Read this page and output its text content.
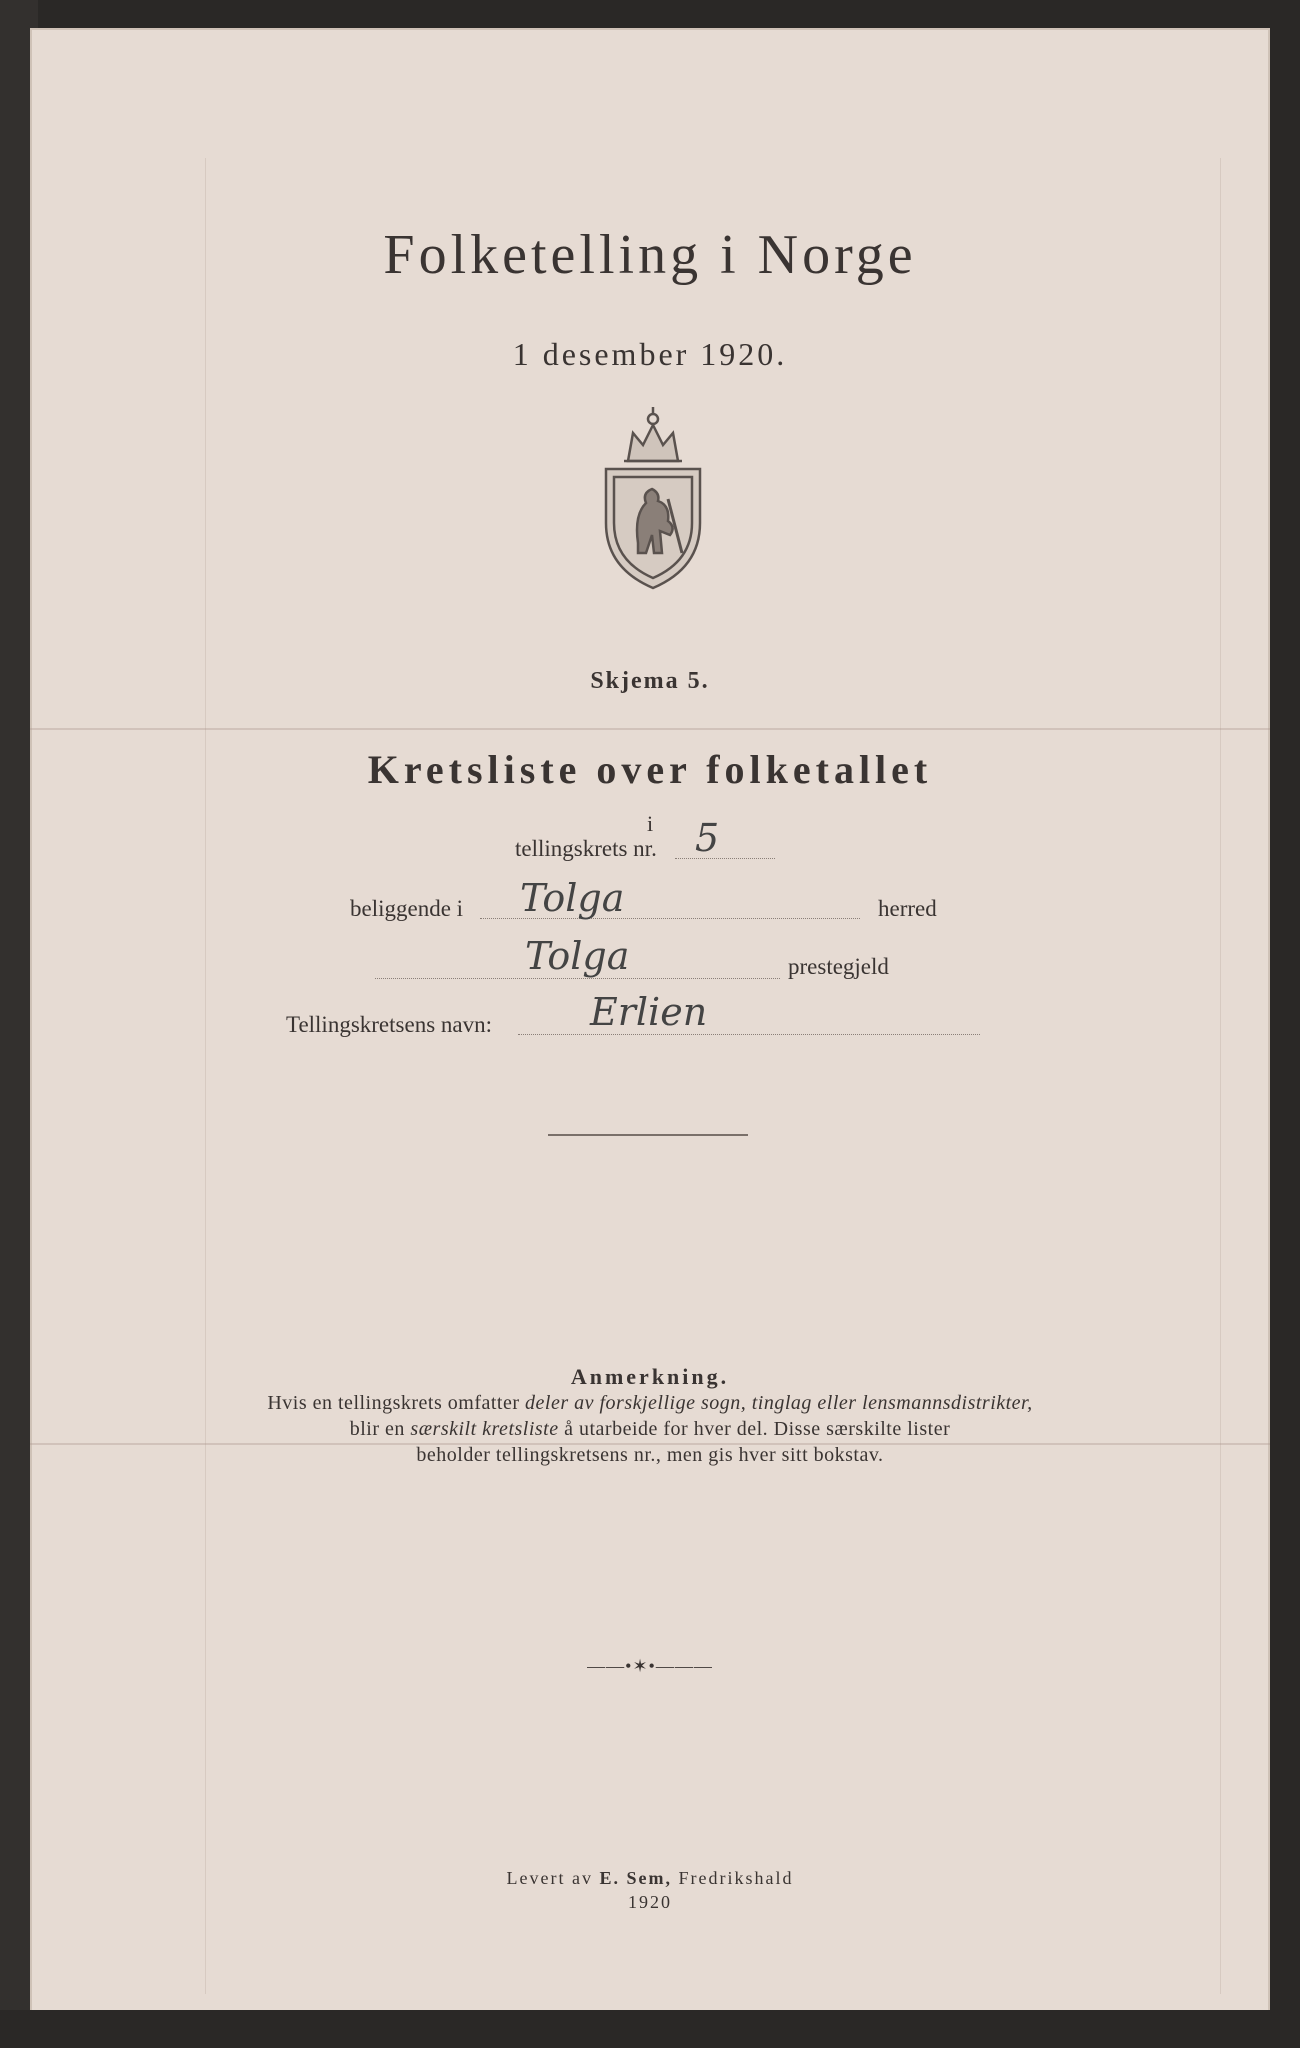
Folketelling i Norge
1 desember 1920.
Skjema 5.
Kretsliste over folketallet
i
tellingskrets nr. 5
beliggende i Tolga	herred
Tolga	prestegjeld
Tellingskretsens navn:	Erlien
Anmerkning.
Hvis en tellingskrets omfatter deler av forskjellige sogn, tinglag eller lensmannsdistrikter,
blir en særskilt kretsliste å utarbeide for hver del. Disse særskilte lister
beholder tellingskretsens nr., men gis hver sitt bokstav.
——•✶•———
Levert av E. Sem, Fredrikshald
1920
